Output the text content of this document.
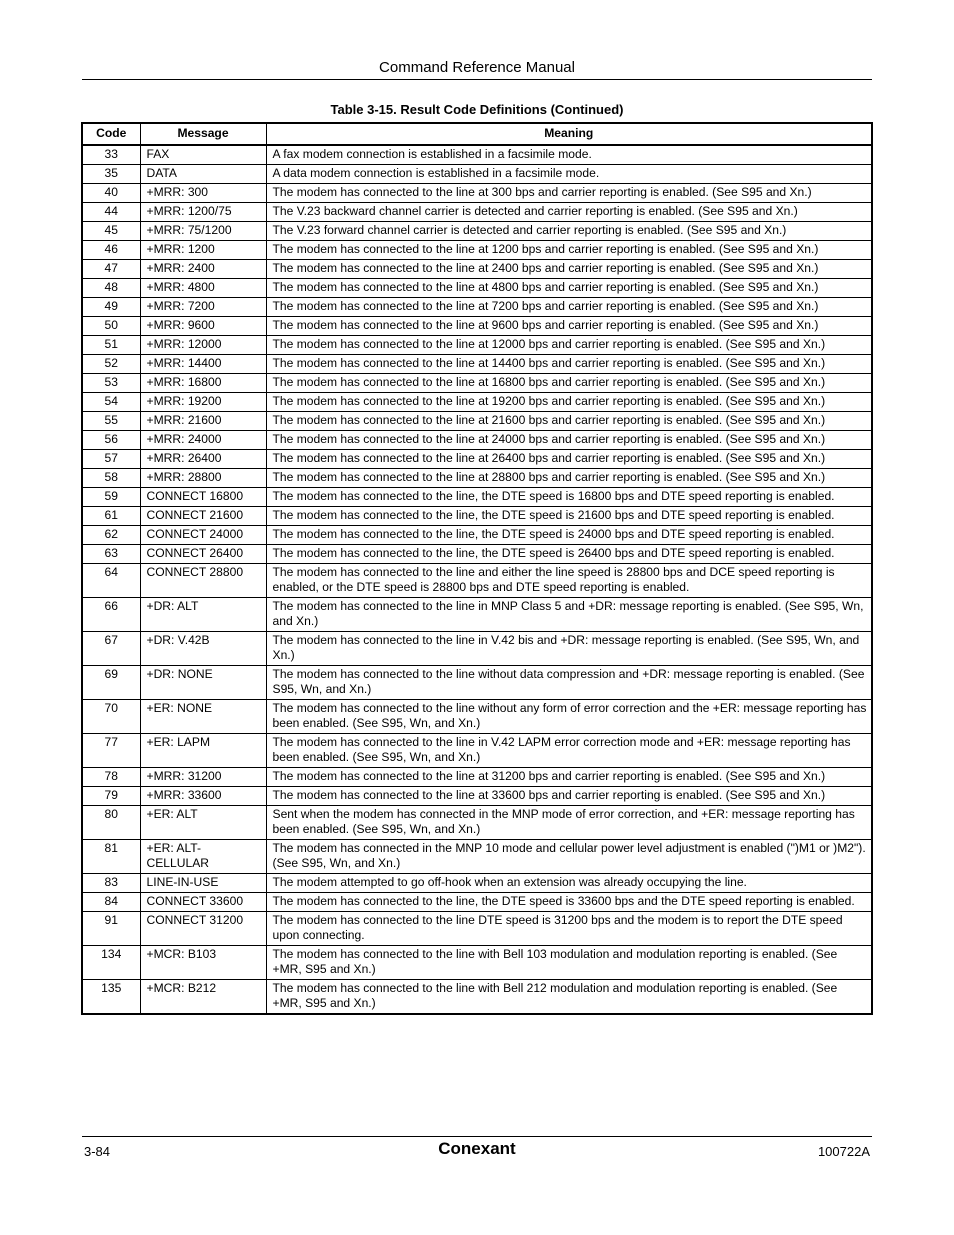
Command Reference Manual
Table 3-15. Result Code Definitions (Continued)
Code	Message	Meaning
33	FAX	A fax modem connection is established in a facsimile mode.
35	DATA	A data modem connection is established in a facsimile mode.
40	+MRR: 300	The modem has connected to the line at 300 bps and carrier reporting is enabled. (See S95 and Xn.)
44	+MRR: 1200/75	The V.23 backward channel carrier is detected and carrier reporting is enabled. (See S95 and Xn.)
45	+MRR: 75/1200	The V.23 forward channel carrier is detected and carrier reporting is enabled. (See S95 and Xn.)
46	+MRR: 1200	The modem has connected to the line at 1200 bps and carrier reporting is enabled. (See S95 and Xn.)
47	+MRR: 2400	The modem has connected to the line at 2400 bps and carrier reporting is enabled. (See S95 and Xn.)
48	+MRR: 4800	The modem has connected to the line at 4800 bps and carrier reporting is enabled. (See S95 and Xn.)
49	+MRR: 7200	The modem has connected to the line at 7200 bps and carrier reporting is enabled. (See S95 and Xn.)
50	+MRR: 9600	The modem has connected to the line at 9600 bps and carrier reporting is enabled. (See S95 and Xn.)
51	+MRR: 12000	The modem has connected to the line at 12000 bps and carrier reporting is enabled. (See S95 and Xn.)
52	+MRR: 14400	The modem has connected to the line at 14400 bps and carrier reporting is enabled. (See S95 and Xn.)
53	+MRR: 16800	The modem has connected to the line at 16800 bps and carrier reporting is enabled. (See S95 and Xn.)
54	+MRR: 19200	The modem has connected to the line at 19200 bps and carrier reporting is enabled. (See S95 and Xn.)
55	+MRR: 21600	The modem has connected to the line at 21600 bps and carrier reporting is enabled. (See S95 and Xn.)
56	+MRR: 24000	The modem has connected to the line at 24000 bps and carrier reporting is enabled. (See S95 and Xn.)
57	+MRR: 26400	The modem has connected to the line at 26400 bps and carrier reporting is enabled. (See S95 and Xn.)
58	+MRR: 28800	The modem has connected to the line at 28800 bps and carrier reporting is enabled. (See S95 and Xn.)
59	CONNECT 16800	The modem has connected to the line, the DTE speed is 16800 bps and DTE speed reporting is enabled.
61	CONNECT 21600	The modem has connected to the line, the DTE speed is 21600 bps and DTE speed reporting is enabled.
62	CONNECT 24000	The modem has connected to the line, the DTE speed is 24000 bps and DTE speed reporting is enabled.
63	CONNECT 26400	The modem has connected to the line, the DTE speed is 26400 bps and DTE speed reporting is enabled.
64	CONNECT 28800	The modem has connected to the line and either the line speed is 28800 bps and DCE speed reporting is enabled, or the DTE speed is 28800 bps and DTE speed reporting is enabled.
66	+DR: ALT	The modem has connected to the line in MNP Class 5 and +DR: message reporting is enabled. (See S95, Wn, and Xn.)
67	+DR: V.42B	The modem has connected to the line in V.42 bis and +DR: message reporting is enabled. (See S95, Wn, and Xn.)
69	+DR: NONE	The modem has connected to the line without data compression and +DR: message reporting is enabled. (See S95, Wn, and Xn.)
70	+ER: NONE	The modem has connected to the line without any form of error correction and the +ER: message reporting has been enabled. (See S95, Wn, and Xn.)
77	+ER: LAPM	The modem has connected to the line in V.42 LAPM error correction mode and +ER: message reporting has been enabled. (See S95, Wn, and Xn.)
78	+MRR: 31200	The modem has connected to the line at 31200 bps and carrier reporting is enabled. (See S95 and Xn.)
79	+MRR: 33600	The modem has connected to the line at 33600 bps and carrier reporting is enabled. (See S95 and Xn.)
80	+ER: ALT	Sent when the modem has connected in the MNP mode of error correction, and +ER: message reporting has been enabled. (See S95, Wn, and Xn.)
81	+ER: ALT-CELLULAR	The modem has connected in the MNP 10 mode and cellular power level adjustment is enabled (")M1 or )M2").(See S95, Wn, and Xn.)
83	LINE-IN-USE	The modem attempted to go off-hook when an extension was already occupying the line.
84	CONNECT 33600	The modem has connected to the line, the DTE speed is 33600 bps and the DTE speed reporting is enabled.
91	CONNECT 31200	The modem has connected to the line DTE speed is 31200 bps and the modem is to report the DTE speed upon connecting.
134	+MCR: B103	The modem has connected to the line with Bell 103 modulation and modulation reporting is enabled. (See +MR, S95 and Xn.)
135	+MCR: B212	The modem has connected to the line with Bell 212 modulation and modulation reporting is enabled. (See +MR, S95 and Xn.)
3-84	Conexant	100722A
